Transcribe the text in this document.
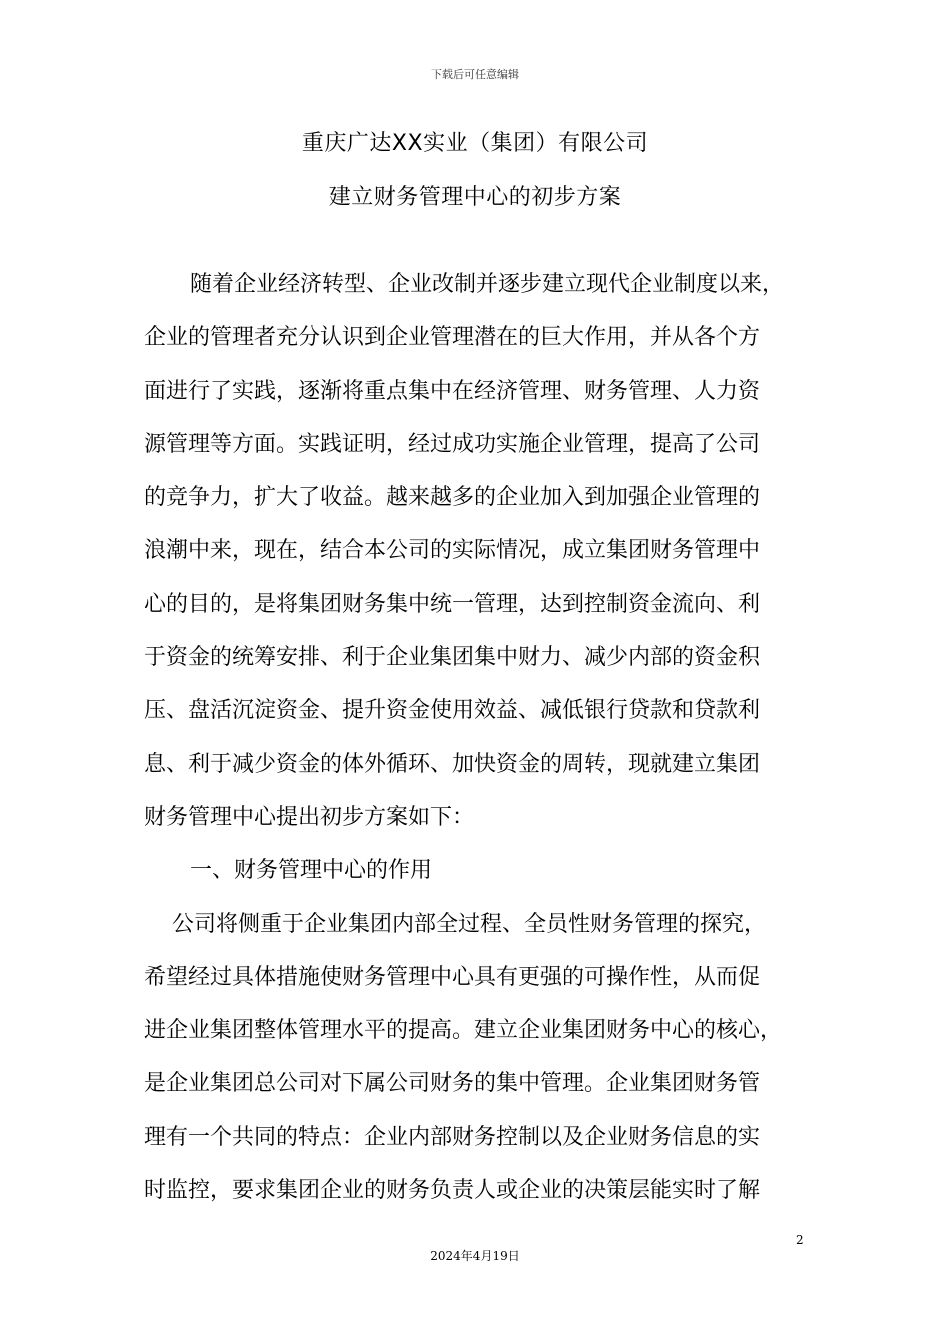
下载后可任意编辑
重庆广达XX实业（集团）有限公司
建立财务管理中心的初步方案
随着企业经济转型、企业改制并逐步建立现代企业制度以来，
企业的管理者充分认识到企业管理潜在的巨大作用，并从各个方
面进行了实践，逐渐将重点集中在经济管理、财务管理、人力资
源管理等方面。实践证明，经过成功实施企业管理，提高了公司
的竞争力，扩大了收益。越来越多的企业加入到加强企业管理的
浪潮中来，现在，结合本公司的实际情况，成立集团财务管理中
心的目的，是将集团财务集中统一管理，达到控制资金流向、利
于资金的统筹安排、利于企业集团集中财力、减少内部的资金积
压、盘活沉淀资金、提升资金使用效益、减低银行贷款和贷款利
息、利于减少资金的体外循环、加快资金的周转，现就建立集团
财务管理中心提出初步方案如下：
一、财务管理中心的作用
公司将侧重于企业集团内部全过程、全员性财务管理的探究，
希望经过具体措施使财务管理中心具有更强的可操作性，从而促
进企业集团整体管理水平的提高。建立企业集团财务中心的核心，
是企业集团总公司对下属公司财务的集中管理。企业集团财务管
理有一个共同的特点：企业内部财务控制以及企业财务信息的实
时监控，要求集团企业的财务负责人或企业的决策层能实时了解
2
2024年4月19日
